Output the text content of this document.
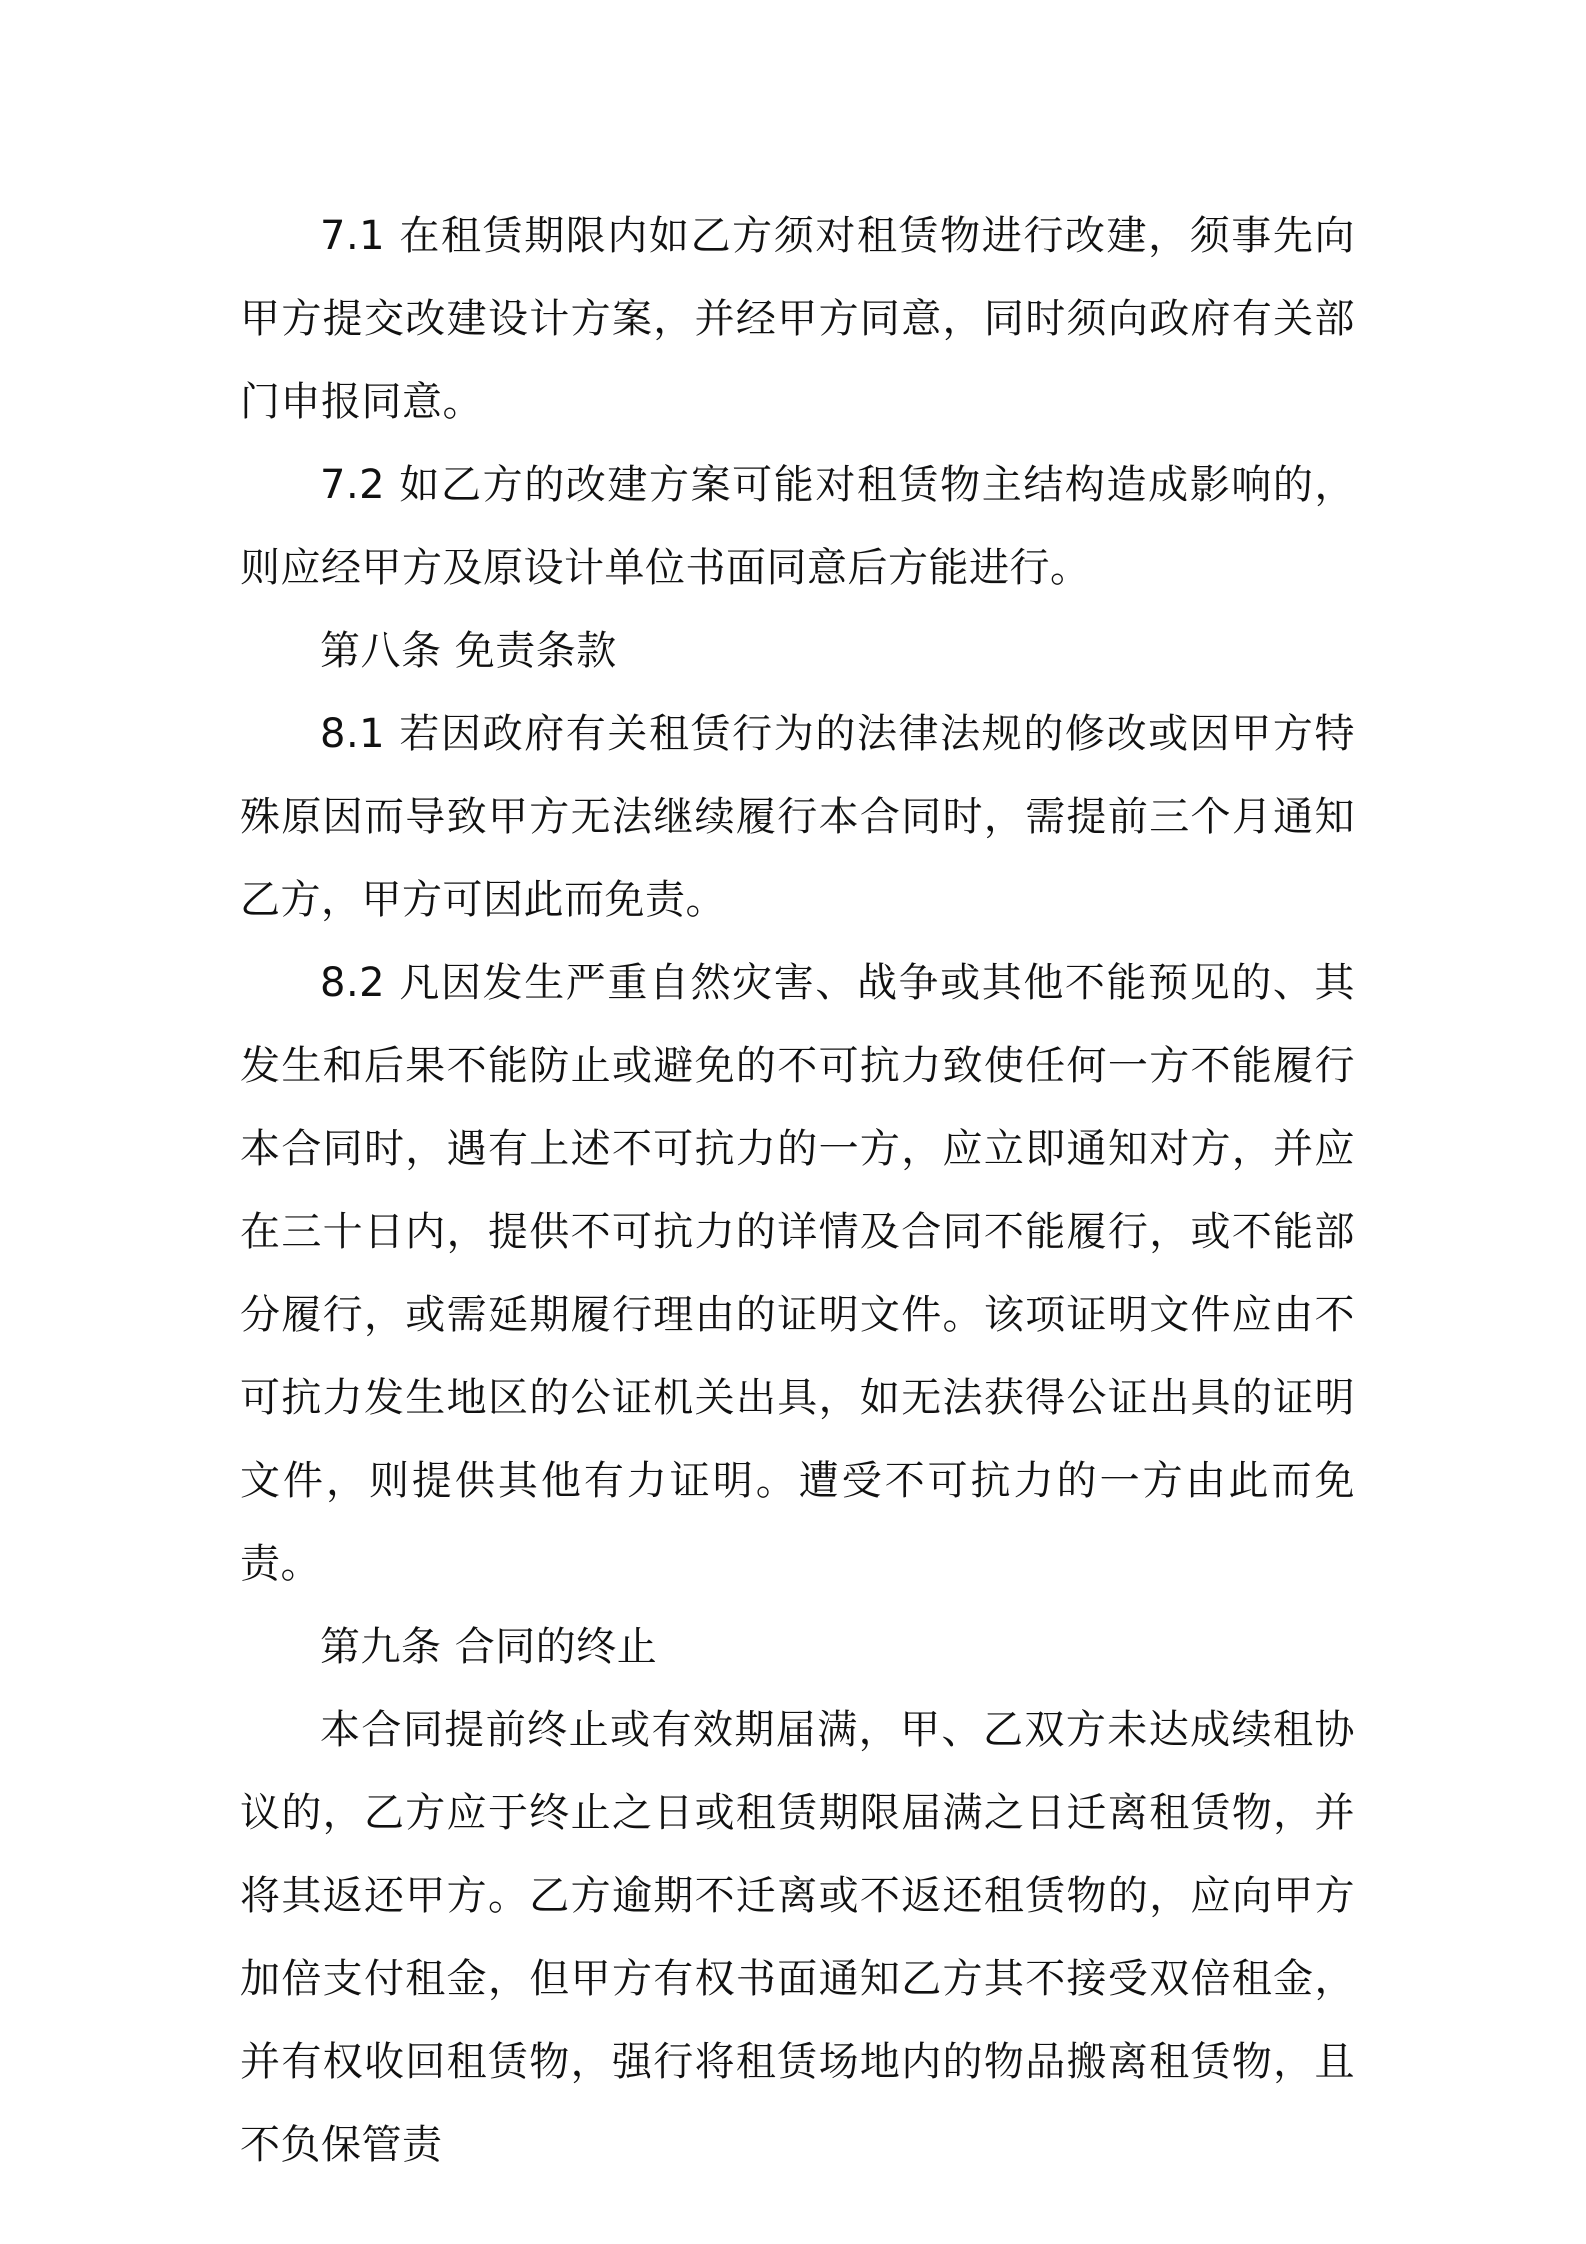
7.1 在租赁期限内如乙方须对租赁物进行改建，须事先向甲方提交改建设计方案，并经甲方同意，同时须向政府有关部门申报同意。

7.2 如乙方的改建方案可能对租赁物主结构造成影响的，则应经甲方及原设计单位书面同意后方能进行。

第八条 免责条款

8.1 若因政府有关租赁行为的法律法规的修改或因甲方特殊原因而导致甲方无法继续履行本合同时，需提前三个月通知乙方，甲方可因此而免责。

8.2 凡因发生严重自然灾害、战争或其他不能预见的、其发生和后果不能防止或避免的不可抗力致使任何一方不能履行本合同时，遇有上述不可抗力的一方，应立即通知对方，并应在三十日内，提供不可抗力的详情及合同不能履行，或不能部分履行，或需延期履行理由的证明文件。该项证明文件应由不可抗力发生地区的公证机关出具，如无法获得公证出具的证明文件，则提供其他有力证明。遭受不可抗力的一方由此而免责。

第九条 合同的终止

本合同提前终止或有效期届满，甲、乙双方未达成续租协议的，乙方应于终止之日或租赁期限届满之日迁离租赁物，并将其返还甲方。乙方逾期不迁离或不返还租赁物的，应向甲方加倍支付租金，但甲方有权书面通知乙方其不接受双倍租金，并有权收回租赁物，强行将租赁场地内的物品搬离租赁物，且不负保管责
